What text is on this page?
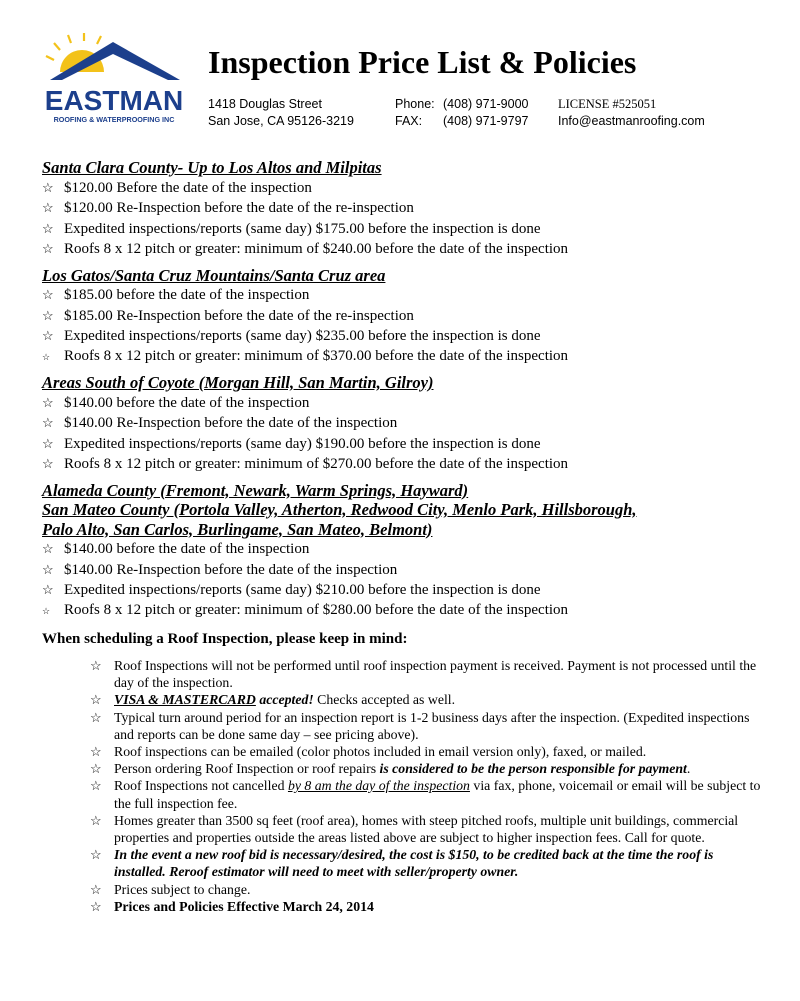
EASTMAN
ROOFING & WATERPROOFING INC
Inspection Price List & Policies
1418 Douglas Street
San Jose, CA 95126-3219
Phone: (408) 971-9000
FAX: (408) 971-9797
LICENSE #525051
Info@eastmanroofing.com
Santa Clara County- Up to Los Altos and Milpitas
☆ $120.00 Before the date of the inspection
☆ $120.00 Re-Inspection before the date of the re-inspection
☆ Expedited inspections/reports (same day) $175.00 before the inspection is done
☆ Roofs 8 x 12 pitch or greater: minimum of $240.00 before the date of the inspection
Los Gatos/Santa Cruz Mountains/Santa Cruz area
☆ $185.00 before the date of the inspection
☆ $185.00 Re-Inspection before the date of the re-inspection
☆ Expedited inspections/reports (same day) $235.00 before the inspection is done
☆ Roofs 8 x 12 pitch or greater: minimum of $370.00 before the date of the inspection
Areas South of Coyote (Morgan Hill, San Martin, Gilroy)
☆ $140.00 before the date of the inspection
☆ $140.00 Re-Inspection before the date of the inspection
☆ Expedited inspections/reports (same day) $190.00 before the inspection is done
☆ Roofs 8 x 12 pitch or greater: minimum of $270.00 before the date of the inspection
Alameda County (Fremont, Newark, Warm Springs, Hayward)
San Mateo County (Portola Valley, Atherton, Redwood City, Menlo Park, Hillsborough,
Palo Alto, San Carlos, Burlingame, San Mateo, Belmont)
☆ $140.00 before the date of the inspection
☆ $140.00 Re-Inspection before the date of the inspection
☆ Expedited inspections/reports (same day) $210.00 before the inspection is done
☆ Roofs 8 x 12 pitch or greater: minimum of $280.00 before the date of the inspection
When scheduling a Roof Inspection, please keep in mind:
☆ Roof Inspections will not be performed until roof inspection payment is received. Payment is not processed until the day of the inspection.
☆ VISA & MASTERCARD accepted! Checks accepted as well.
☆ Typical turn around period for an inspection report is 1-2 business days after the inspection. (Expedited inspections and reports can be done same day – see pricing above).
☆ Roof inspections can be emailed (color photos included in email version only), faxed, or mailed.
☆ Person ordering Roof Inspection or roof repairs is considered to be the person responsible for payment.
☆ Roof Inspections not cancelled by 8 am the day of the inspection via fax, phone, voicemail or email will be subject to the full inspection fee.
☆ Homes greater than 3500 sq feet (roof area), homes with steep pitched roofs, multiple unit buildings, commercial properties and properties outside the areas listed above are subject to higher inspection fees. Call for quote.
☆ In the event a new roof bid is necessary/desired, the cost is $150, to be credited back at the time the roof is installed. Reroof estimator will need to meet with seller/property owner.
☆ Prices subject to change.
☆ Prices and Policies Effective March 24, 2014
